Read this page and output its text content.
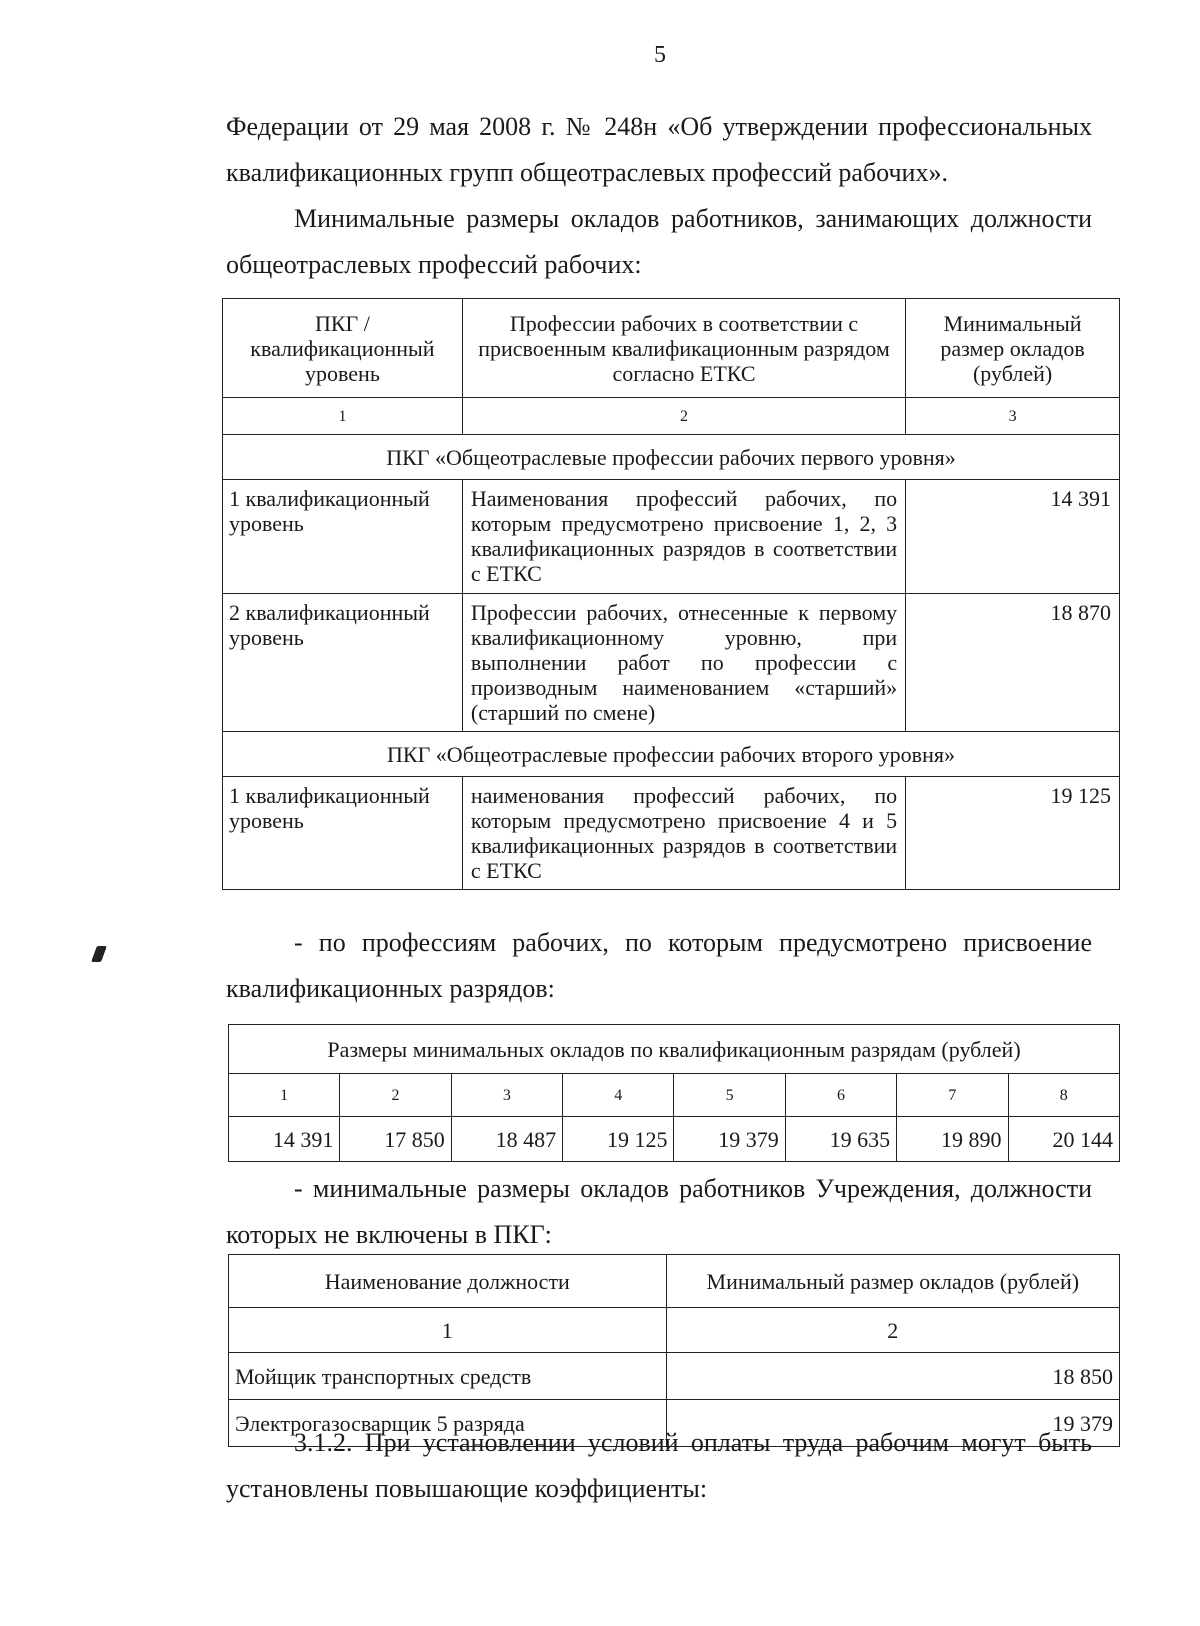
5

Федерации от 29 мая 2008 г. № 248н «Об утверждении профессиональных квалификационных групп общеотраслевых профессий рабочих».

Минимальные размеры окладов работников, занимающих должности общеотраслевых профессий рабочих:

ПКГ / квалификационный уровень	Профессии рабочих в соответствии с присвоенным квалификационным разрядом согласно ЕТКС	Минимальный размер окладов (рублей)
1	2	3
ПКГ «Общеотраслевые профессии рабочих первого уровня»		
1 квалификационный уровень	Наименования профессий рабочих, по которым предусмотрено присвоение 1, 2, 3 квалификационных разрядов в соответствии с ЕТКС	14 391
2 квалификационный уровень	Профессии рабочих, отнесенные к первому квалификационному уровню, при выполнении работ по профессии с производным наименованием «старший» (старший по смене)	18 870
ПКГ «Общеотраслевые профессии рабочих второго уровня»		
1 квалификационный уровень	наименования профессий рабочих, по которым предусмотрено присвоение 4 и 5 квалификационных разрядов в соответствии с ЕТКС	19 125

- по профессиям рабочих, по которым предусмотрено присвоение квалификационных разрядов:

Размеры минимальных окладов по квалификационным разрядам (рублей)							
1	2	3	4	5	6	7	8
14 391	17 850	18 487	19 125	19 379	19 635	19 890	20 144

- минимальные размеры окладов работников Учреждения, должности которых не включены в ПКГ:

Наименование должности	Минимальный размер окладов (рублей)
1	2
Мойщик транспортных средств	18 850
Электрогазосварщик 5 разряда	19 379

3.1.2. При установлении условий оплаты труда рабочим могут быть установлены повышающие коэффициенты:
